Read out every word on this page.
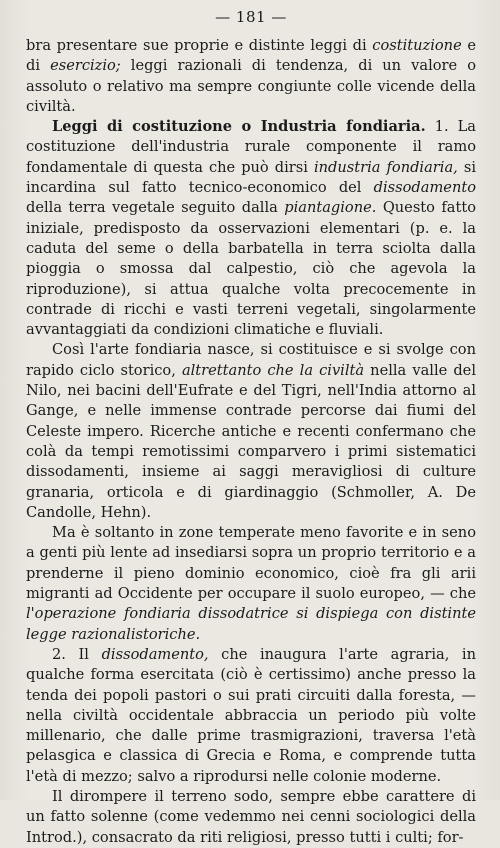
— 181 —

bra presentare sue proprie e distinte leggi di costituzione e di esercizio; leggi razionali di tendenza, di un valore o assoluto o relativo ma sempre congiunte colle vicende della civiltà.

Leggi di costituzione o Industria fondiaria. 1. La costituzione dell'industria rurale componente il ramo fondamentale di questa che può dirsi industria fondiaria, si incardina sul fatto tecnico-economico del dissodamento della terra vegetale seguito dalla piantagione. Questo fatto iniziale, predisposto da osservazioni elementari (p. e. la caduta del seme o della barbatella in terra sciolta dalla pioggia o smossa dal calpestio, ciò che agevola la riproduzione), si attua qualche volta precocemente in contrade di ricchi e vasti terreni vegetali, singolarmente avvantaggiati da condizioni climatiche e fluviali.

Così l'arte fondiaria nasce, si costituisce e si svolge con rapido ciclo storico, altrettanto che la civiltà nella valle del Nilo, nei bacini dell'Eufrate e del Tigri, nell'India attorno al Gange, e nelle immense contrade percorse dai fiumi del Celeste impero. Ricerche antiche e recenti confermano che colà da tempi remotissimi comparvero i primi sistematici dissodamenti, insieme ai saggi meravigliosi di culture granaria, orticola e di giardinaggio (Schmoller, A. De Candolle, Hehn).

Ma è soltanto in zone temperate meno favorite e in seno a genti più lente ad insediarsi sopra un proprio territorio e a prenderne il pieno dominio economico, cioè fra gli arii migranti ad Occidente per occupare il suolo europeo, — che l'operazione fondiaria dissodatrice si dispiega con distinte legge razionalistoriche.

2. Il dissodamento, che inaugura l'arte agraria, in qualche forma esercitata (ciò è certissimo) anche presso la tenda dei popoli pastori o sui prati circuiti dalla foresta, — nella civiltà occidentale abbraccia un periodo più volte millenario, che dalle prime trasmigrazioni, traversa l'età pelasgica e classica di Grecia e Roma, e comprende tutta l'età di mezzo; salvo a riprodursi nelle colonie moderne.

Il dirompere il terreno sodo, sempre ebbe carattere di un fatto solenne (come vedemmo nei cenni sociologici della Introd.), consacrato da riti religiosi, presso tutti i culti; for-
